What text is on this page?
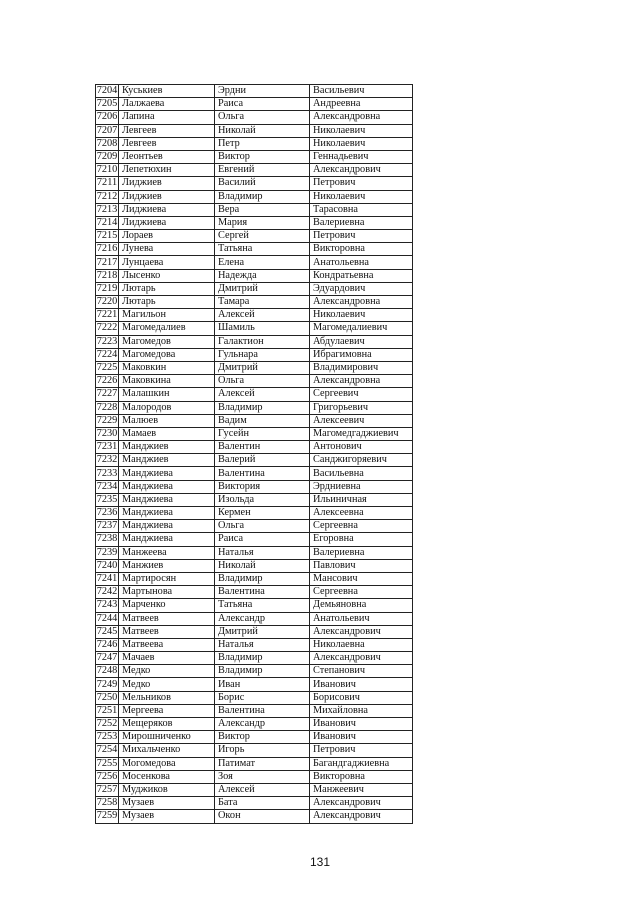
7204	Куськиев	Эрдни	Васильевич
7205	Лалжаева	Раиса	Андреевна
7206	Лапина	Ольга	Александровна
7207	Левгеев	Николай	Николаевич
7208	Левгеев	Петр	Николаевич
7209	Леонтьев	Виктор	Геннадьевич
7210	Лепетюхин	Евгений	Александрович
7211	Лиджиев	Василий	Петрович
7212	Лиджиев	Владимир	Николаевич
7213	Лиджиева	Вера	Тарасовна
7214	Лиджиева	Мария	Валериевна
7215	Лораев	Сергей	Петрович
7216	Лунева	Татьяна	Викторовна
7217	Лунцаева	Елена	Анатольевна
7218	Лысенко	Надежда	Кондратьевна
7219	Лютарь	Дмитрий	Эдуардович
7220	Лютарь	Тамара	Александровна
7221	Магильон	Алексей	Николаевич
7222	Магомедалиев	Шамиль	Магомедалиевич
7223	Магомедов	Галактион	Абдулаевич
7224	Магомедова	Гульнара	Ибрагимовна
7225	Маковкин	Дмитрий	Владимирович
7226	Маковкина	Ольга	Александровна
7227	Малашкин	Алексей	Сергеевич
7228	Малородов	Владимир	Григорьевич
7229	Малюев	Вадим	Алексеевич
7230	Мамаев	Гусейн	Магомедгаджиевич
7231	Манджиев	Валентин	Антонович
7232	Манджиев	Валерий	Санджигоряевич
7233	Манджиева	Валентина	Васильевна
7234	Манджиева	Виктория	Эрдниевна
7235	Манджиева	Изольда	Ильиничная
7236	Манджиева	Кермен	Алексеевна
7237	Манджиева	Ольга	Сергеевна
7238	Манджиева	Раиса	Егоровна
7239	Манжеева	Наталья	Валериевна
7240	Манжиев	Николай	Павлович
7241	Мартиросян	Владимир	Мансович
7242	Мартынова	Валентина	Сергеевна
7243	Марченко	Татьяна	Демьяновна
7244	Матвеев	Александр	Анатольевич
7245	Матвеев	Дмитрий	Александрович
7246	Матвеева	Наталья	Николаевна
7247	Мачаев	Владимир	Александрович
7248	Медко	Владимир	Степанович
7249	Медко	Иван	Иванович
7250	Мельников	Борис	Борисович
7251	Мергеева	Валентина	Михайловна
7252	Мещеряков	Александр	Иванович
7253	Мирошниченко	Виктор	Иванович
7254	Михальченко	Игорь	Петрович
7255	Могомедова	Патимат	Багандгаджиевна
7256	Мосенкова	Зоя	Викторовна
7257	Муджиков	Алексей	Манжеевич
7258	Музаев	Бата	Александрович
7259	Музаев	Окон	Александрович
131
